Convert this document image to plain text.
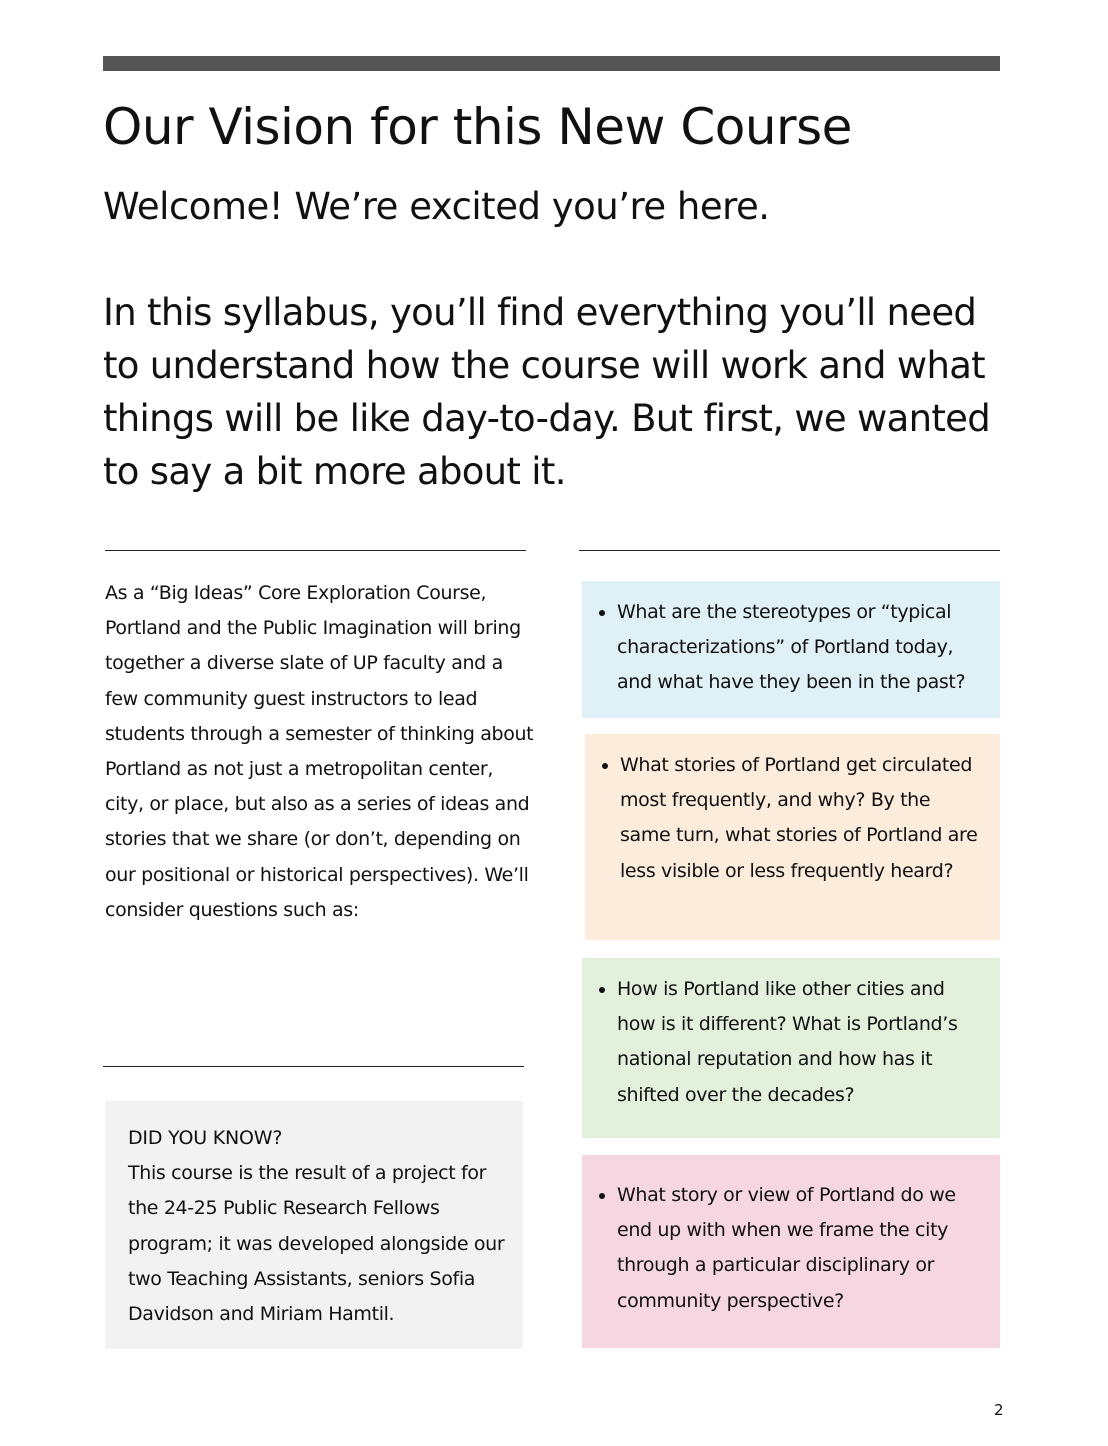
Our Vision for this New Course

Welcome! We’re excited you’re here.

In this syllabus, you’ll find everything you’ll need to understand how the course will work and what things will be like day-to-day. But first, we wanted to say a bit more about it.

As a “Big Ideas” Core Exploration Course, Portland and the Public Imagination will bring together a diverse slate of UP faculty and a few community guest instructors to lead students through a semester of thinking about Portland as not just a metropolitan center, city, or place, but also as a series of ideas and stories that we share (or don’t, depending on our positional or historical perspectives). We’ll consider questions such as:

• What are the stereotypes or “typical characterizations” of Portland today, and what have they been in the past?
• What stories of Portland get circulated most frequently, and why? By the same turn, what stories of Portland are less visible or less frequently heard?
• How is Portland like other cities and how is it different? What is Portland’s national reputation and how has it shifted over the decades?
• What story or view of Portland do we end up with when we frame the city through a particular disciplinary or community perspective?
DID YOU KNOW?
This course is the result of a project for the 24-25 Public Research Fellows program; it was developed alongside our two Teaching Assistants, seniors Sofia Davidson and Miriam Hamtil.
2
